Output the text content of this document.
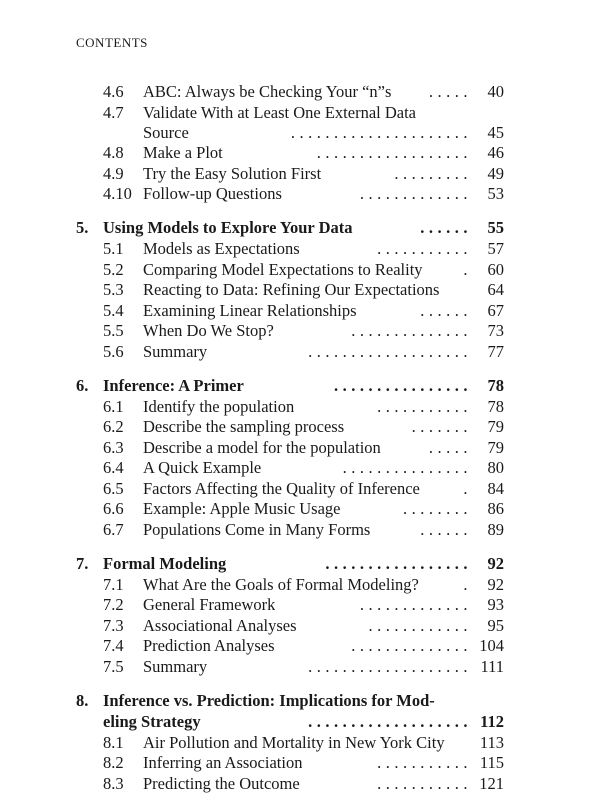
CONTENTS
4.6 ABC: Always be Checking Your “n”s	..... 40
4.7 Validate With at Least One External Data
Source	..................... 45
4.8 Make a Plot	.................. 46
4.9 Try the Easy Solution First	......... 49
4.10 Follow-up Questions	............. 53
5. Using Models to Explore Your Data	...... 55
5.1 Models as Expectations	........... 57
5.2 Comparing Model Expectations to Reality . 60
5.3 Reacting to Data: Refining Our Expectations	64
5.4 Examining Linear Relationships	...... 67
5.5 When Do We Stop?	.............. 73
5.6 Summary	................... 77
6. Inference: A Primer	................ 78
6.1 Identify the population	........... 78
6.2 Describe the sampling process	....... 79
6.3 Describe a model for the population	..... 79
6.4 A Quick Example	............... 80
6.5 Factors Affecting the Quality of Inference	. 84
6.6 Example: Apple Music Usage	........ 86
6.7 Populations Come in Many Forms	...... 89
7. Formal Modeling	................. 92
7.1 What Are the Goals of Formal Modeling?	. 92
7.2 General Framework	............. 93
7.3 Associational Analyses	............ 95
7.4 Prediction Analyses	.............. 104
7.5 Summary	................... 111
8. Inference vs. Prediction: Implications for Mod-
eling Strategy	................... 112
8.1 Air Pollution and Mortality in New York City 113
8.2 Inferring an Association	........... 115
8.3 Predicting the Outcome	........... 121
